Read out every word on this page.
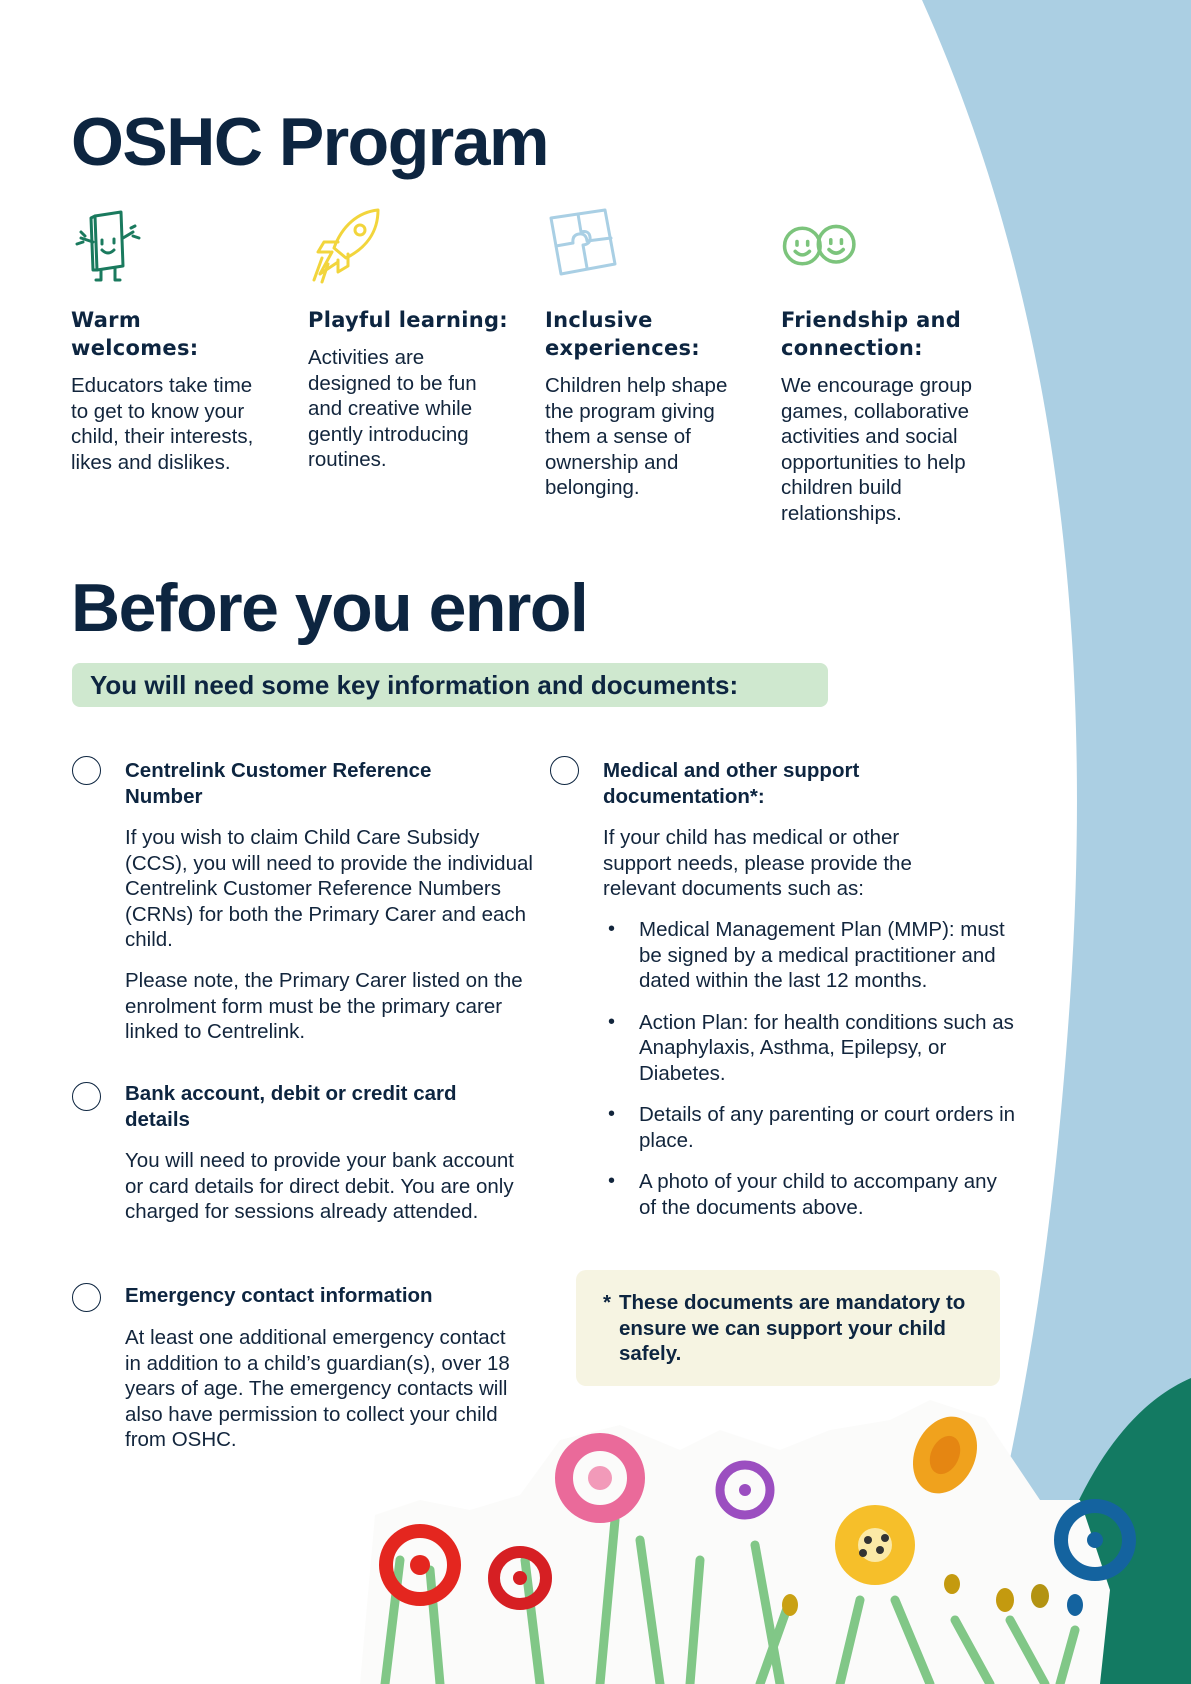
OSHC Program
Warm welcomes:

Educators take time to get to know your child, their interests, likes and dislikes.

Playful learning:

Activities are designed to be fun and creative while gently introducing routines.

Inclusive experiences:

Children help shape the program giving them a sense of ownership and belonging.

Friendship and connection:

We encourage group games, collaborative activities and social opportunities to help children build relationships.

Before you enrol
You will need some key information and documents:
Centrelink Customer Reference Number

If you wish to claim Child Care Subsidy (CCS), you will need to provide the individual Centrelink Customer Reference Numbers (CRNs) for both the Primary Carer and each child.

Please note, the Primary Carer listed on the enrolment form must be the primary carer linked to Centrelink.

Bank account, debit or credit card details

You will need to provide your bank account or card details for direct debit. You are only charged for sessions already attended.

Emergency contact information

At least one additional emergency contact in addition to a child’s guardian(s), over 18 years of age. The emergency contacts will also have permission to collect your child from OSHC.

Medical and other support documentation*:

If your child has medical or other support needs, please provide the relevant documents such as:

• Medical Management Plan (MMP): must be signed by a medical practitioner and dated within the last 12 months.
• Action Plan: for health conditions such as Anaphylaxis, Asthma, Epilepsy, or Diabetes.
• Details of any parenting or court orders in place.
• A photo of your child to accompany any of the documents above.
* These documents are mandatory to ensure we can support your child safely.
